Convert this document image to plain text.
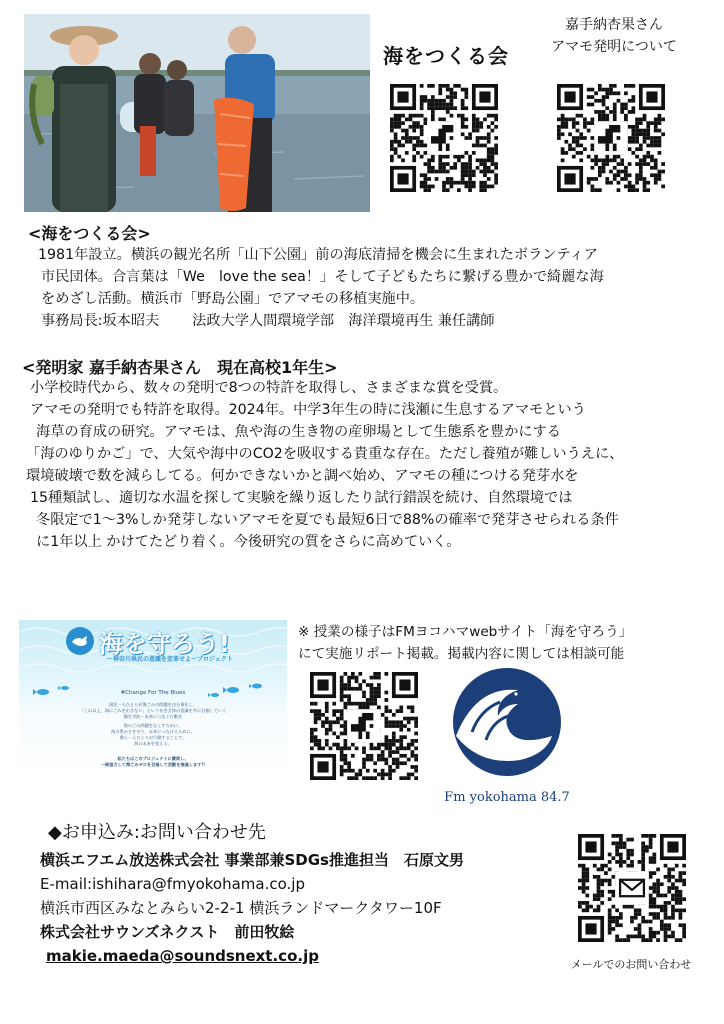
海をつくる会
嘉手納杏果さん
アマモ発明について
<海をつくる会>
1981年設立。横浜の観光名所「山下公園」前の海底清掃を機会に生まれたボランティア
市民団体。合言葉は「We　love the sea！」そして子どもたちに繋げる豊かで綺麗な海
をめざし活動。横浜市「野島公園」でアマモの移植実施中。
事務局長:坂本昭夫　　 法政大学人間環境学部　海洋環境再生 兼任講師
<発明家 嘉手納杏果さん　現在高校1年生>
小学校時代から、数々の発明で8つの特許を取得し、さまざまな賞を受賞。
アマモの発明でも特許を取得。2024年。中学3年生の時に浅瀬に生息するアマモという
海草の育成の研究。アマモは、魚や海の生き物の産卵場として生態系を豊かにする
「海のゆりかご」で、大気や海中のCO2を吸収する貴重な存在。ただし養殖が難しいうえに、
環境破壊で数を減らしてる。何かできないかと調べ始め、アマモの種につける発芽水を
15種類試し、適切な水温を探して実験を繰り返したり試行錯誤を続け、自然環境では
冬限定で1～3%しか発芽しないアマモを夏でも最短6日で88%の確率で発芽させられる条件
に1年以上 かけてたどり着く。今後研究の質をさらに高めていく。
海を守ろう!
〜神奈川県民の意識を変革せよ〜プロジェクト
#Change For The Blues
国民一人ひとりが海ごみの問題を自分事化し、
「これ以上、海にごみを出さない」という社会全体の意識を共に目指していく
衛生学的・未来につなぐ行動を
海のごみ問題をなくすために、
海の豊かさを守り、未来につなげるために。
僕ら一人ひとりが行動することで、
海の未来を変える。
私たちはこのプロジェクトに賛同し、
一致協力して海ごみゼロを目指して活動を推進します!!
※ 授業の様子はFMヨコハマwebサイト「海を守ろう」
にて実施リポート掲載。掲載内容に関しては相談可能
Fm yokohama 84.7
◆お申込み:お問い合わせ先
横浜エフエム放送株式会社 事業部兼SDGs推進担当　石原文男
E-mail:ishihara@fmyokohama.co.jp
横浜市西区みなとみらい2-2-1 横浜ランドマークタワー10F
株式会社サウンズネクスト　前田牧絵
makie.maeda@soundsnext.co.jp	メールでのお問い合わせ
